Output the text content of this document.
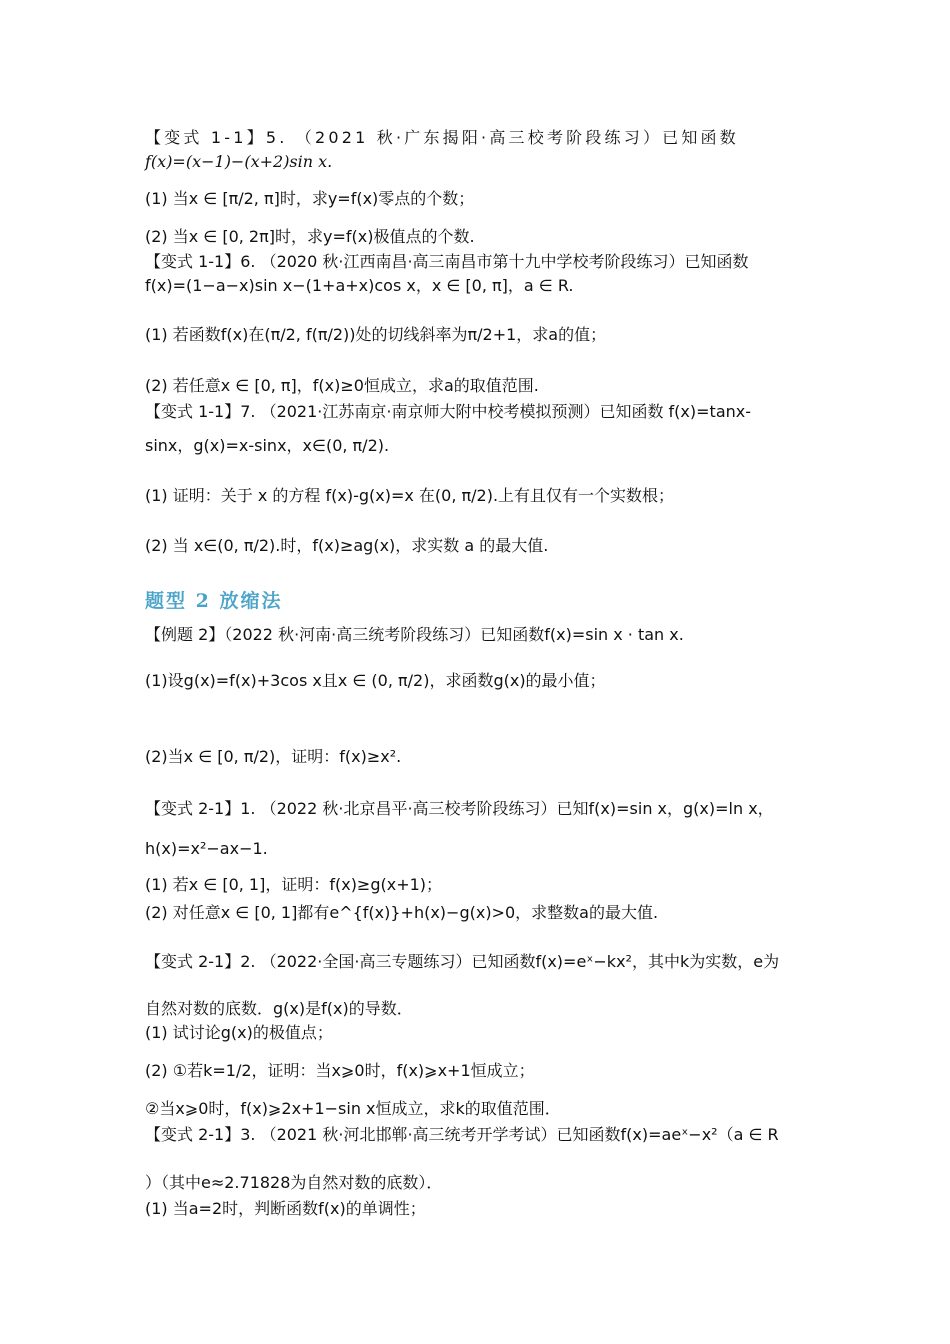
【变式 1-1】5. （2021 秋·广东揭阳·高三校考阶段练习）已知函数
f(x)=(x−1)−(x+2)sin x.
(1) 当x ∈ [π/2, π]时，求y=f(x)零点的个数；
(2) 当x ∈ [0, 2π]时，求y=f(x)极值点的个数.
【变式 1-1】6. （2020 秋·江西南昌·高三南昌市第十九中学校考阶段练习）已知函数
f(x)=(1−a−x)sin x−(1+a+x)cos x，x ∈ [0, π]，a ∈ R.
(1) 若函数f(x)在(π/2, f(π/2))处的切线斜率为π/2+1，求a的值；
(2) 若任意x ∈ [0, π]，f(x)≥0恒成立，求a的取值范围.
【变式 1-1】7. （2021·江苏南京·南京师大附中校考模拟预测）已知函数 f(x)=tanx-
sinx，g(x)=x-sinx，x∈(0, π/2).
(1) 证明：关于 x 的方程 f(x)-g(x)=x 在(0, π/2).上有且仅有一个实数根；
(2) 当 x∈(0, π/2).时，f(x)≥ag(x)，求实数 a 的最大值.
题型 2 放缩法
【例题 2】（2022 秋·河南·高三统考阶段练习）已知函数f(x)=sin x · tan x.
(1)设g(x)=f(x)+3cos x且x ∈ (0, π/2)，求函数g(x)的最小值；
(2)当x ∈ [0, π/2)，证明：f(x)≥x².
【变式 2-1】1. （2022 秋·北京昌平·高三校考阶段练习）已知f(x)=sin x，g(x)=ln x，
h(x)=x²−ax−1.
(1) 若x ∈ [0, 1]，证明：f(x)≥g(x+1)；
(2) 对任意x ∈ [0, 1]都有e^{f(x)}+h(x)−g(x)>0，求整数a的最大值.
【变式 2-1】2. （2022·全国·高三专题练习）已知函数f(x)=eˣ−kx²，其中k为实数，e为
自然对数的底数．g(x)是f(x)的导数．
(1) 试讨论g(x)的极值点；
(2) ①若k=1/2，证明：当x⩾0时，f(x)⩾x+1恒成立；
②当x⩾0时，f(x)⩾2x+1−sin x恒成立，求k的取值范围．
【变式 2-1】3. （2021 秋·河北邯郸·高三统考开学考试）已知函数f(x)=aeˣ−x²（a ∈ R
）（其中e≈2.71828为自然对数的底数）．
(1) 当a=2时，判断函数f(x)的单调性；
